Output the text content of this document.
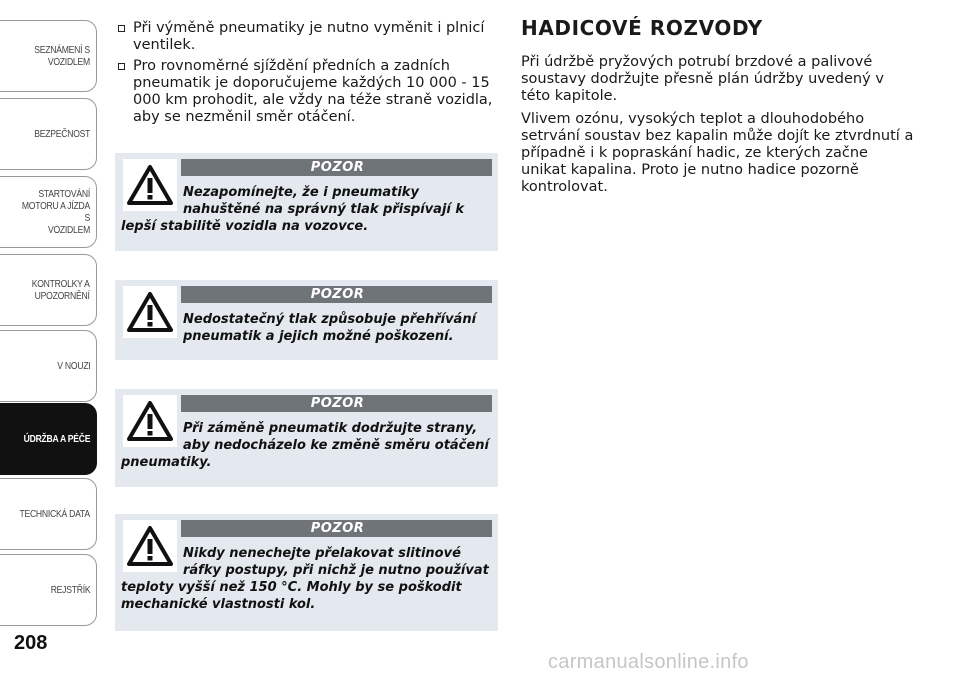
SEZNÁMENÍ S
VOZIDLEM
BEZPEČNOST
STARTOVÁNÍ
MOTORU A JÍZDA S
VOZIDLEM
KONTROLKY A
UPOZORNĚNÍ
V NOUZI
ÚDRŽBA A PÉČE
TECHNICKÁ DATA
REJSTŘÍK
208
Při výměně pneumatiky je nutno vyměnit i plnicí ventilek.
Pro rovnoměrné sjíždění předních a zadních pneumatik je doporučujeme každých 10 000 - 15 000 km prohodit, ale vždy na téže straně vozidla, aby se nezměnil směr otáčení.
POZOR
Nezapomínejte, že i pneumatiky nahuštěné na správný tlak přispívají k lepší stabilitě vozidla na vozovce.
POZOR
Nedostatečný tlak způsobuje přehřívání pneumatik a jejich možné poškození.
POZOR
Při záměně pneumatik dodržujte strany, aby nedocházelo ke změně směru otáčení pneumatiky.
POZOR
Nikdy nenechejte přelakovat slitinové ráfky postupy, při nichž je nutno používat teploty vyšší než 150 °C. Mohly by se poškodit mechanické vlastnosti kol.
HADICOVÉ ROZVODY

Při údržbě pryžových potrubí brzdové a palivové soustavy dodržujte přesně plán údržby uvedený v této kapitole.

Vlivem ozónu, vysokých teplot a dlouhodobého setrvání soustav bez kapalin může dojít ke ztvrdnutí a případně i k popraskání hadic, ze kterých začne unikat kapalina. Proto je nutno hadice pozorně kontrolovat.

carmanualsonline.info
